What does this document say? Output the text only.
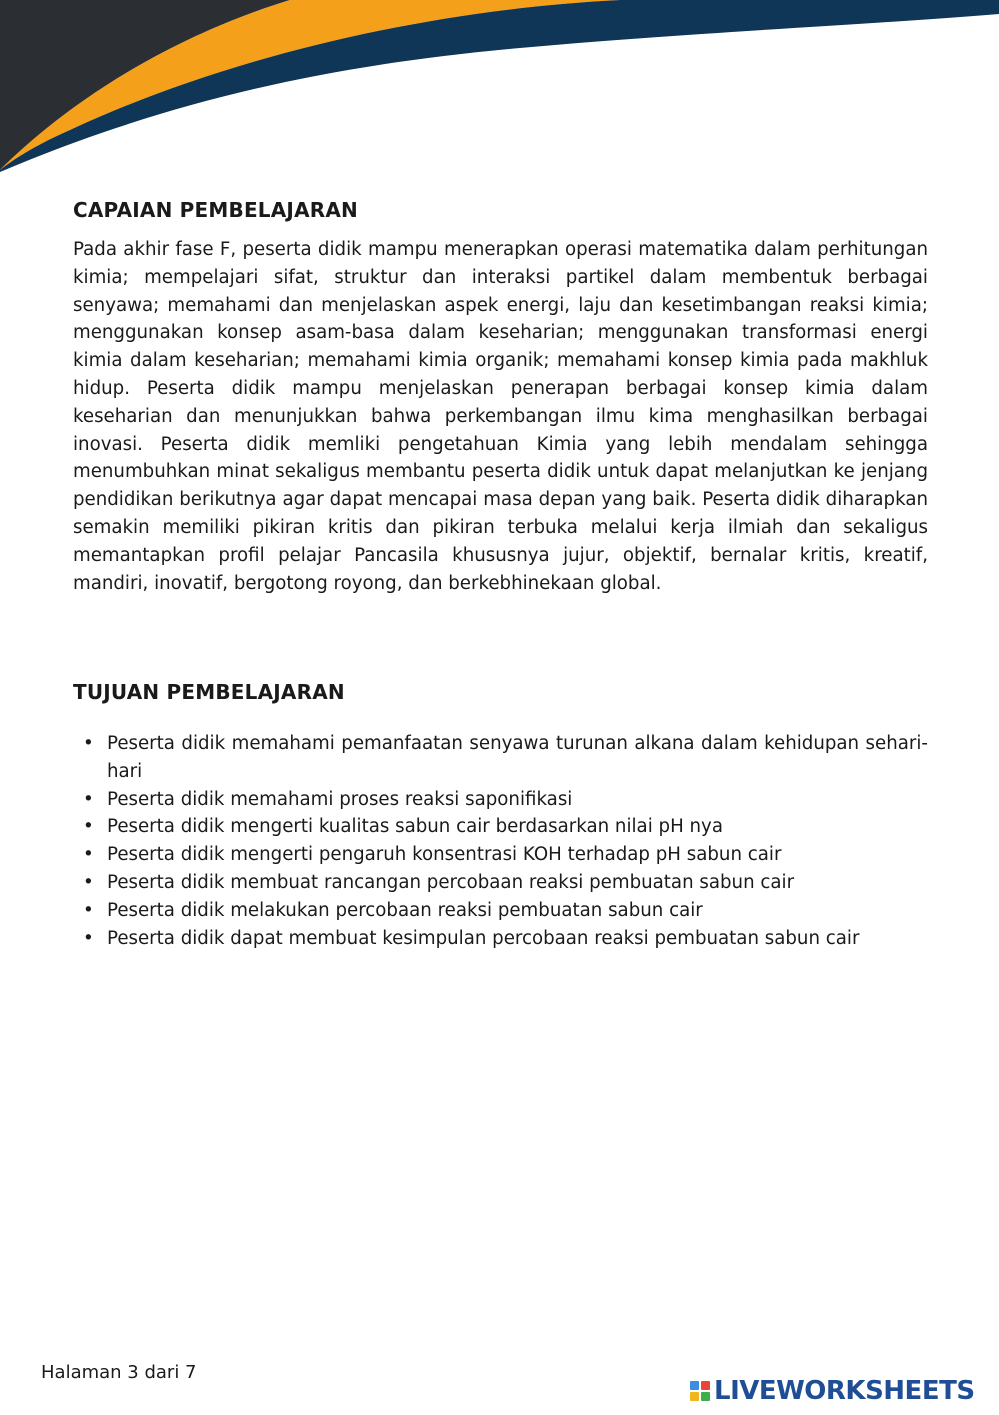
CAPAIAN PEMBELAJARAN

Pada akhir fase F, peserta didik mampu menerapkan operasi matematika dalam perhitungan kimia; mempelajari sifat, struktur dan interaksi partikel dalam membentuk berbagai senyawa; memahami dan menjelaskan aspek energi, laju dan kesetimbangan reaksi kimia; menggunakan konsep asam-basa dalam keseharian; menggunakan transformasi energi kimia dalam keseharian; memahami kimia organik; memahami konsep kimia pada makhluk hidup. Peserta didik mampu menjelaskan penerapan berbagai konsep kimia dalam keseharian dan menunjukkan bahwa perkembangan ilmu kima menghasilkan berbagai inovasi. Peserta didik memliki pengetahuan Kimia yang lebih mendalam sehingga menumbuhkan minat sekaligus membantu peserta didik untuk dapat melanjutkan ke jenjang pendidikan berikutnya agar dapat mencapai masa depan yang baik. Peserta didik diharapkan semakin memiliki pikiran kritis dan pikiran terbuka melalui kerja ilmiah dan sekaligus memantapkan profil pelajar Pancasila khususnya jujur, objektif, bernalar kritis, kreatif, mandiri, inovatif, bergotong royong, dan berkebhinekaan global.

TUJUAN PEMBELAJARAN
• Peserta didik memahami pemanfaatan senyawa turunan alkana dalam kehidupan sehari-hari
• Peserta didik memahami proses reaksi saponifikasi
• Peserta didik mengerti kualitas sabun cair berdasarkan nilai pH nya
• Peserta didik mengerti pengaruh konsentrasi KOH terhadap pH sabun cair
• Peserta didik membuat rancangan percobaan reaksi pembuatan sabun cair
• Peserta didik melakukan percobaan reaksi pembuatan sabun cair
• Peserta didik dapat membuat kesimpulan percobaan reaksi pembuatan sabun cair
Halaman 3 dari 7
LIVEWORKSHEETS
